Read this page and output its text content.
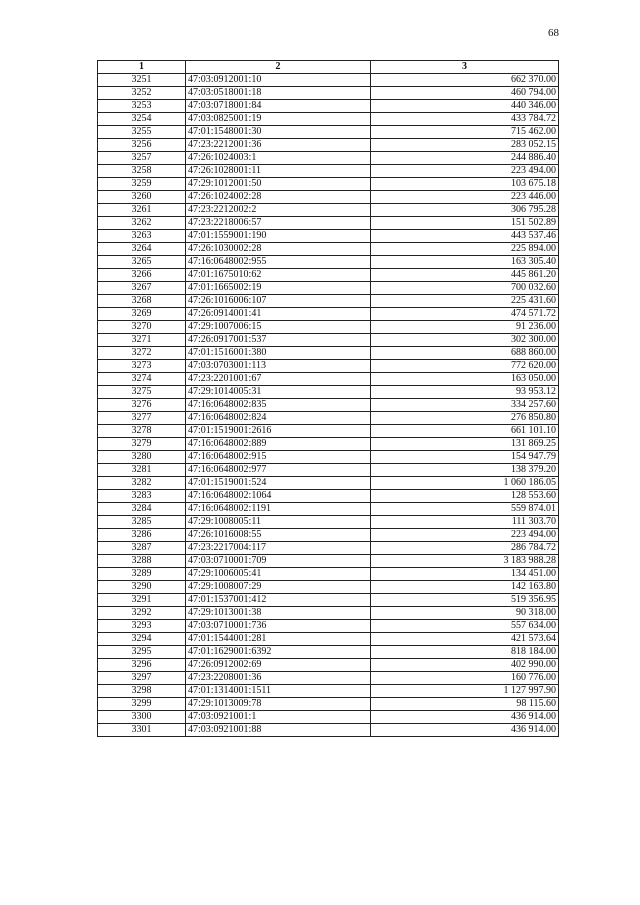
68
1	2	3
3251	47:03:0912001:10	662 370.00
3252	47:03:0518001:18	460 794.00
3253	47:03:0718001:84	440 346.00
3254	47:03:0825001:19	433 784.72
3255	47:01:1548001:30	715 462.00
3256	47:23:2212001:36	283 052.15
3257	47:26:1024003:1	244 886.40
3258	47:26:1028001:11	223 494.00
3259	47:29:1012001:50	103 675.18
3260	47:26:1024002:28	223 446.00
3261	47:23:2212002:2	306 795.28
3262	47:23:2218006:57	151 502.89
3263	47:01:1559001:190	443 537.46
3264	47:26:1030002:28	225 894.00
3265	47:16:0648002:955	163 305.40
3266	47:01:1675010:62	445 861.20
3267	47:01:1665002:19	700 032.60
3268	47:26:1016006:107	225 431.60
3269	47:26:0914001:41	474 571.72
3270	47:29:1007006:15	91 236.00
3271	47:26:0917001:537	302 300.00
3272	47:01:1516001:380	688 860.00
3273	47:03:0703001:113	772 620.00
3274	47:23:2201001:67	163 050.00
3275	47:29:1014005:31	93 953.12
3276	47:16:0648002:835	334 257.60
3277	47:16:0648002:824	276 850.80
3278	47:01:1519001:2616	661 101.10
3279	47:16:0648002:889	131 869.25
3280	47:16:0648002:915	154 947.79
3281	47:16:0648002:977	138 379.20
3282	47:01:1519001:524	1 060 186.05
3283	47:16:0648002:1064	128 553.60
3284	47:16:0648002:1191	559 874.01
3285	47:29:1008005:11	111 303.70
3286	47:26:1016008:55	223 494.00
3287	47:23:2217004:117	286 784.72
3288	47:03:0710001:709	3 183 988.28
3289	47:29:1006005:41	134 451.00
3290	47:29:1008007:29	142 163.80
3291	47:01:1537001:412	519 356.95
3292	47:29:1013001:38	90 318.00
3293	47:03:0710001:736	557 634.00
3294	47:01:1544001:281	421 573.64
3295	47:01:1629001:6392	818 184.00
3296	47:26:0912002:69	402 990.00
3297	47:23:2208001:36	160 776.00
3298	47:01:1314001:1511	1 127 997.90
3299	47:29:1013009:78	98 115.60
3300	47:03:0921001:1	436 914.00
3301	47:03:0921001:88	436 914.00
